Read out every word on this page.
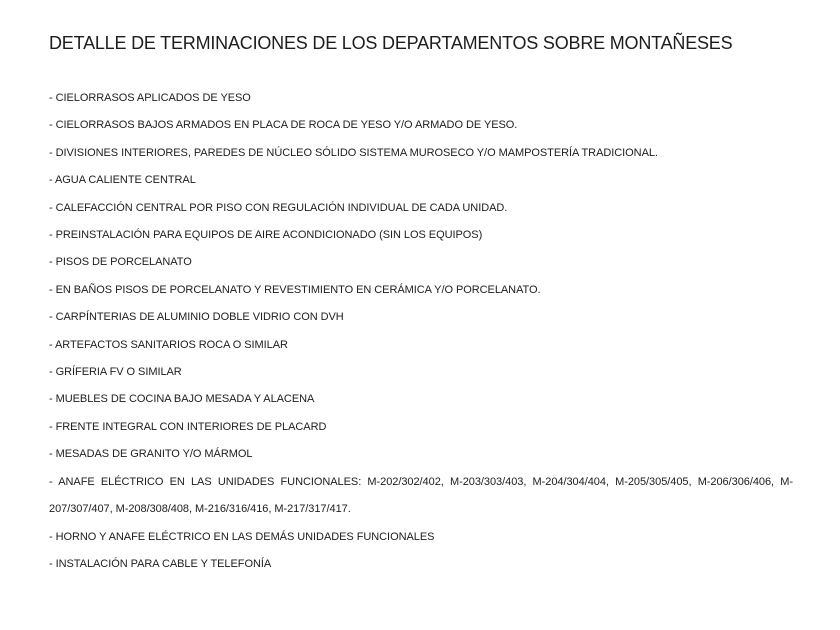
DETALLE DE TERMINACIONES DE LOS DEPARTAMENTOS SOBRE MONTAÑESES

- CIELORRASOS APLICADOS DE YESO

- CIELORRASOS BAJOS ARMADOS EN PLACA DE ROCA DE YESO Y/O ARMADO DE YESO.

- DIVISIONES INTERIORES, PAREDES DE NÚCLEO SÓLIDO SISTEMA MUROSECO Y/O MAMPOSTERÍA TRADICIONAL.

- AGUA CALIENTE CENTRAL

- CALEFACCIÓN CENTRAL POR PISO CON REGULACIÓN INDIVIDUAL DE CADA UNIDAD.

- PREINSTALACIÓN PARA EQUIPOS DE AIRE ACONDICIONADO (SIN LOS EQUIPOS)

- PISOS DE PORCELANATO

- EN BAÑOS PISOS DE PORCELANATO Y REVESTIMIENTO EN CERÁMICA Y/O PORCELANATO.

- CARPÍNTERIAS DE ALUMINIO DOBLE VIDRIO CON DVH

- ARTEFACTOS SANITARIOS ROCA O SIMILAR

- GRÍFERIA FV O SIMILAR

- MUEBLES DE COCINA BAJO MESADA Y ALACENA

- FRENTE INTEGRAL CON INTERIORES DE PLACARD

- MESADAS DE GRANITO Y/O MÁRMOL

- ANAFE ELÉCTRICO EN LAS UNIDADES FUNCIONALES: M-202/302/402, M-203/303/403, M-204/304/404, M-205/305/405, M-206/306/406, M-207/307/407, M-208/308/408, M-216/316/416, M-217/317/417.

- HORNO Y ANAFE ELÉCTRICO EN LAS DEMÁS UNIDADES FUNCIONALES

- INSTALACIÓN PARA CABLE Y TELEFONÍA
